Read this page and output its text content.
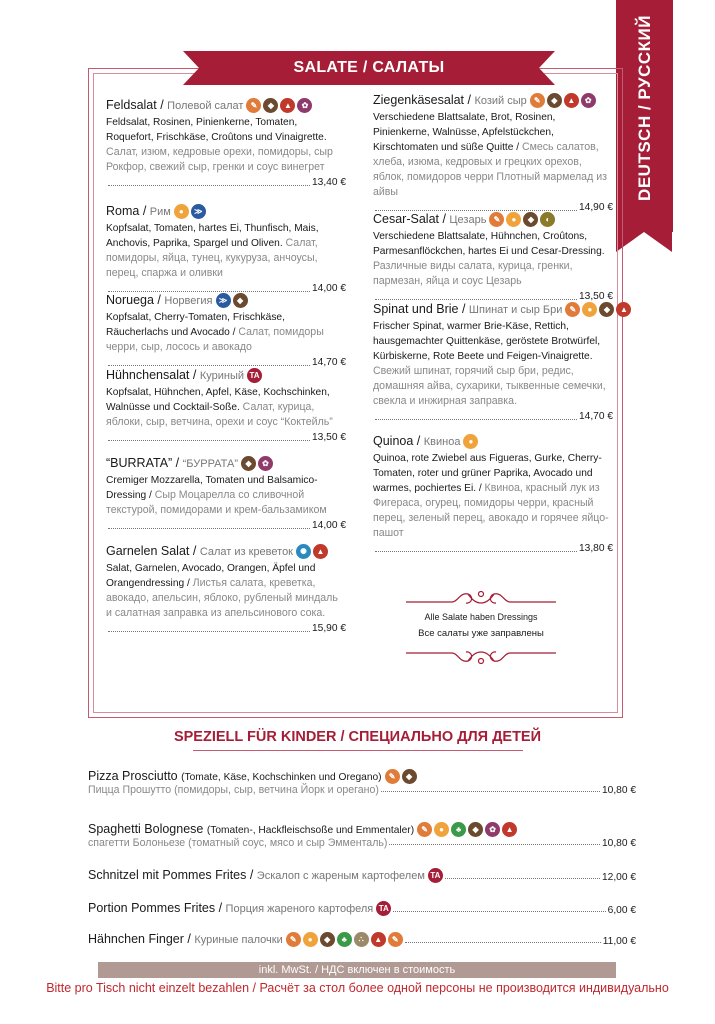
DEUTSCH / РУССКИЙ
SALATE / САЛАТЫ
Feldsalat / Полевой салат ✎	◆	▲	✿
Feldsalat, Rosinen, Pinienkerne, Tomaten, Roquefort, Frischkäse, Croûtons und Vinaigrette. Салат, изюм, кедровые орехи, помидоры, сыр Рокфор, свежий сыр, гренки и соус винегрет
13,40 €
Roma / Рим	●	≫
Kopfsalat, Tomaten, hartes Ei, Thunfisch, Mais, Anchovis, Paprika, Spargel und Oliven. Салат, помидоры, яйца, тунец, кукуруза, анчоусы, перец, спаржа и оливки
14,00 €
Noruega / Норвегия ≫	◆
Kopfsalat, Cherry-Tomaten, Frischkäse, Räucherlachs und Avocado / Салат, помидоры черри, сыр, лосось и авокадо
14,70 €
Hühnchensalat / Куриный TA
Kopfsalat, Hühnchen, Apfel, Käse, Kochschinken, Walnüsse und Cocktail-Soße. Салат, курица, яблоки, сыр, ветчина, орехи и соус “Коктейль”
13,50 €
“BURRATA” / “БУРРАТА” ◆	✿
Cremiger Mozzarella, Tomaten und Balsamico-Dressing / Сыр Моцарелла со сливочной текстурой, помидорами и крем-бальзамиком
14,00 €
Garnelen Salat / Салат из креветок ✺	▲
Salat, Garnelen, Avocado, Orangen, Äpfel und Orangendressing / Листья салата, креветка, авокадо, апельсин, яблоко, рубленый миндаль и салатная заправка из апельсинового сока.
15,90 €
Ziegenkäsesalat / Козий сыр ✎	◆	▲	✿
Verschiedene Blattsalate, Brot, Rosinen, Pinienkerne, Walnüsse, Apfelstückchen, Kirschtomaten und süße Quitte / Смесь салатов, хлеба, изюма, кедровых и грецких орехов, яблок, помидоров черри Плотный мармелад из айвы
14,90 €
Cesar-Salat / Цезарь ✎	●	◆	◐
Verschiedene Blattsalate, Hühnchen, Croûtons, Parmesanflöckchen, hartes Ei und Cesar-Dressing. Различные виды салата, курица, гренки, пармезан, яйца и соус Цезарь
13,50 €
Spinat und Brie / Шпинат и сыр Бри ✎	●	◆	▲
Frischer Spinat, warmer Brie-Käse, Rettich, hausgemachter Quittenkäse, geröstete Brotwürfel, Kürbiskerne, Rote Beete und Feigen-Vinaigrette. Свежий шпинат, горячий сыр бри, редис, домашняя айва, сухарики, тыквенные семечки, свекла и инжирная заправка.
14,70 €
Quinoa / Квиноа	●
Quinoa, rote Zwiebel aus Figueras, Gurke, Cherry-Tomaten, roter und grüner Paprika, Avocado und warmes, pochiertes Ei. / Квиноа, красный лук из Фигераса, огурец, помидоры черри, красный перец, зеленый перец, авокадо и горячее яйцо-пашот
13,80 €
Alle Salate haben Dressings
Все салаты уже заправлены
SPEZIELL FÜR KINDER / СПЕЦИАЛЬНО ДЛЯ ДЕТЕЙ
Pizza Prosciutto (Tomate, Käse, Kochschinken und Oregano) ✎	◆
Пицца Прошутто (помидоры, сыр, ветчина Йорк и орегано)	10,80 €
Spaghetti Bolognese (Tomaten-, Hackfleischsoße und Emmentaler) ✎	●	♣	◆	✿	▲
спагетти Болоньезе (томатный соус, мясо и сыр Эмменталь)	10,80 €
Schnitzel mit Pommes Frites / Эскалоп с жареным картофелем TA	12,00 €
Portion Pommes Frites / Порция жареного картофеля TA	6,00 €
Hähnchen Finger / Куриные палочки ✎	●	◆	♣	∴	▲	✎	11,00 €
inkl. MwSt. / НДС включен в стоимость
Bitte pro Tisch nicht einzelt bezahlen / Расчёт за стол более одной персоны не производится индивидуально
